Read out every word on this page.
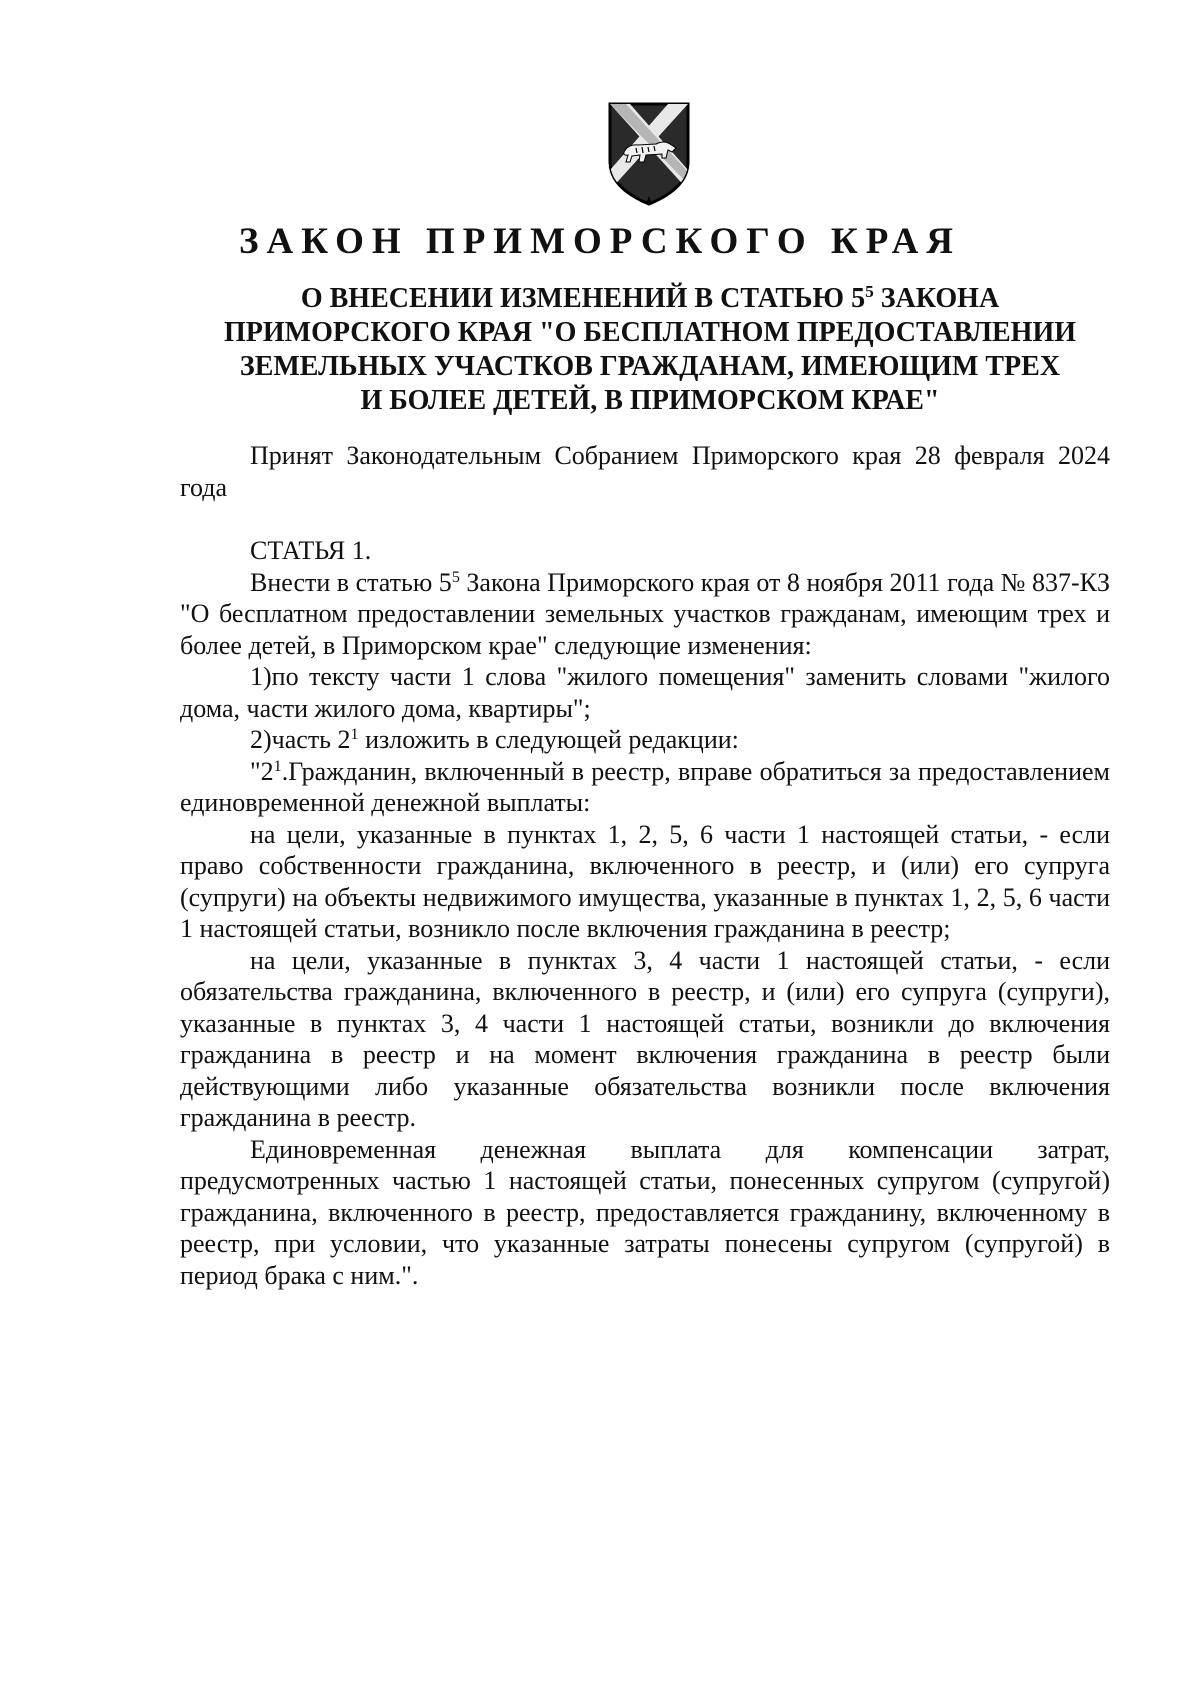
ЗАКОН ПРИМОРСКОГО КРАЯ
О ВНЕСЕНИИ ИЗМЕНЕНИЙ В СТАТЬЮ $5^5$ ЗАКОНА
ПРИМОРСКОГО КРАЯ "О БЕСПЛАТНОМ ПРЕДОСТАВЛЕНИИ
ЗЕМЕЛЬНЫХ УЧАСТКОВ ГРАЖДАНАМ, ИМЕЮЩИМ ТРЕХ
И БОЛЕЕ ДЕТЕЙ, В ПРИМОРСКОМ КРАЕ"

Принят Законодательным Собранием Приморского края 28 февраля 2024 года

СТАТЬЯ 1.

Внести в статью $5^5$ Закона Приморского края от 8 ноября 2011 года № 837-КЗ "О бесплатном предоставлении земельных участков гражданам, имеющим трех и более детей, в Приморском крае" следующие изменения:

1)по тексту части 1 слова "жилого помещения" заменить словами "жилого дома, части жилого дома, квартиры";

2)часть $2^1$ изложить в следующей редакции:

"$2^1.Гражданин$, включенный в реестр, вправе обратиться за предоставлением единовременной денежной выплаты:

на цели, указанные в пунктах 1, 2, 5, 6 части 1 настоящей статьи, - если право собственности гражданина, включенного в реестр, и (или) его супруга (супруги) на объекты недвижимого имущества, указанные в пунктах 1, 2, 5, 6 части 1 настоящей статьи, возникло после включения гражданина в реестр;

на цели, указанные в пунктах 3, 4 части 1 настоящей статьи, - если обязательства гражданина, включенного в реестр, и (или) его супруга (супруги), указанные в пунктах 3, 4 части 1 настоящей статьи, возникли до включения гражданина в реестр и на момент включения гражданина в реестр были действующими либо указанные обязательства возникли после включения гражданина в реестр.

Единовременная денежная выплата для компенсации затрат, предусмотренных частью 1 настоящей статьи, понесенных супругом (супругой) гражданина, включенного в реестр, предоставляется гражданину, включенному в реестр, при условии, что указанные затраты понесены супругом (супругой) в период брака с ним.".
